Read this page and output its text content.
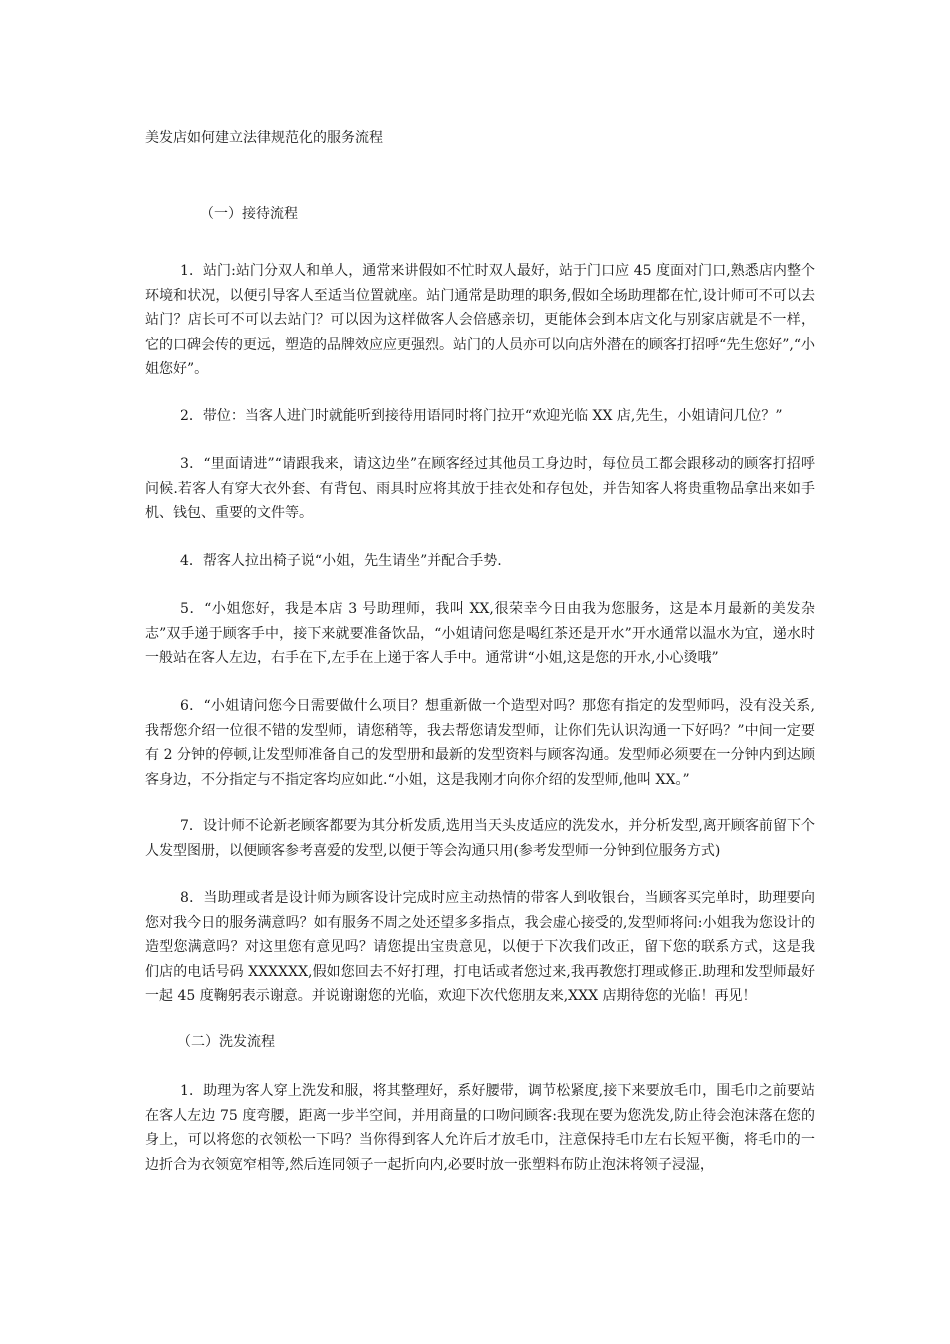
美发店如何建立法律规范化的服务流程
（一）接待流程

1．站门:站门分双人和单人，通常来讲假如不忙时双人最好，站于门口应 45 度面对门口,熟悉店内整个环境和状况，以便引导客人至适当位置就座。站门通常是助理的职务,假如全场助理都在忙,设计师可不可以去站门？店长可不可以去站门？可以因为这样做客人会倍感亲切，更能体会到本店文化与别家店就是不一样，它的口碑会传的更远，塑造的品牌效应应更强烈。站门的人员亦可以向店外潜在的顾客打招呼“先生您好”,“小姐您好”。

2．带位：当客人进门时就能听到接待用语同时将门拉开“欢迎光临 XX 店,先生，小姐请问几位？”

3．“里面请进”“请跟我来，请这边坐”在顾客经过其他员工身边时，每位员工都会跟移动的顾客打招呼问候.若客人有穿大衣外套、有背包、雨具时应将其放于挂衣处和存包处，并告知客人将贵重物品拿出来如手机、钱包、重要的文件等。

4．帮客人拉出椅子说“小姐，先生请坐”并配合手势.

5．“小姐您好，我是本店 3 号助理师，我叫 XX,很荣幸今日由我为您服务，这是本月最新的美发杂志”双手递于顾客手中，接下来就要准备饮品，“小姐请问您是喝红茶还是开水”开水通常以温水为宜，递水时一般站在客人左边，右手在下,左手在上递于客人手中。通常讲“小姐,这是您的开水,小心烫哦”

6．“小姐请问您今日需要做什么项目？想重新做一个造型对吗？那您有指定的发型师吗，没有没关系,我帮您介绍一位很不错的发型师，请您稍等，我去帮您请发型师，让你们先认识沟通一下好吗？”中间一定要有 2 分钟的停顿,让发型师准备自己的发型册和最新的发型资料与顾客沟通。发型师必须要在一分钟内到达顾客身边，不分指定与不指定客均应如此.“小姐，这是我刚才向你介绍的发型师,他叫 XX。”

7．设计师不论新老顾客都要为其分析发质,选用当天头皮适应的洗发水，并分析发型,离开顾客前留下个人发型图册，以便顾客参考喜爱的发型,以便于等会沟通只用(参考发型师一分钟到位服务方式)

8．当助理或者是设计师为顾客设计完成时应主动热情的带客人到收银台，当顾客买完单时，助理要向您对我今日的服务满意吗？如有服务不周之处还望多多指点，我会虚心接受的,发型师将问:小姐我为您设计的造型您满意吗？对这里您有意见吗？请您提出宝贵意见，以便于下次我们改正，留下您的联系方式，这是我们店的电话号码 XXXXXX,假如您回去不好打理，打电话或者您过来,我再教您打理或修正.助理和发型师最好一起 45 度鞠躬表示谢意。并说谢谢您的光临，欢迎下次代您朋友来,XXX 店期待您的光临！再见！

（二）洗发流程

1．助理为客人穿上洗发和服，将其整理好，系好腰带，调节松紧度,接下来要放毛巾，围毛巾之前要站在客人左边 75 度弯腰，距离一步半空间，并用商量的口吻问顾客:我现在要为您洗发,防止待会泡沫落在您的身上，可以将您的衣领松一下吗？当你得到客人允许后才放毛巾，注意保持毛巾左右长短平衡，将毛巾的一边折合为衣领宽窄相等,然后连同领子一起折向内,必要时放一张塑料布防止泡沫将领子浸湿，
